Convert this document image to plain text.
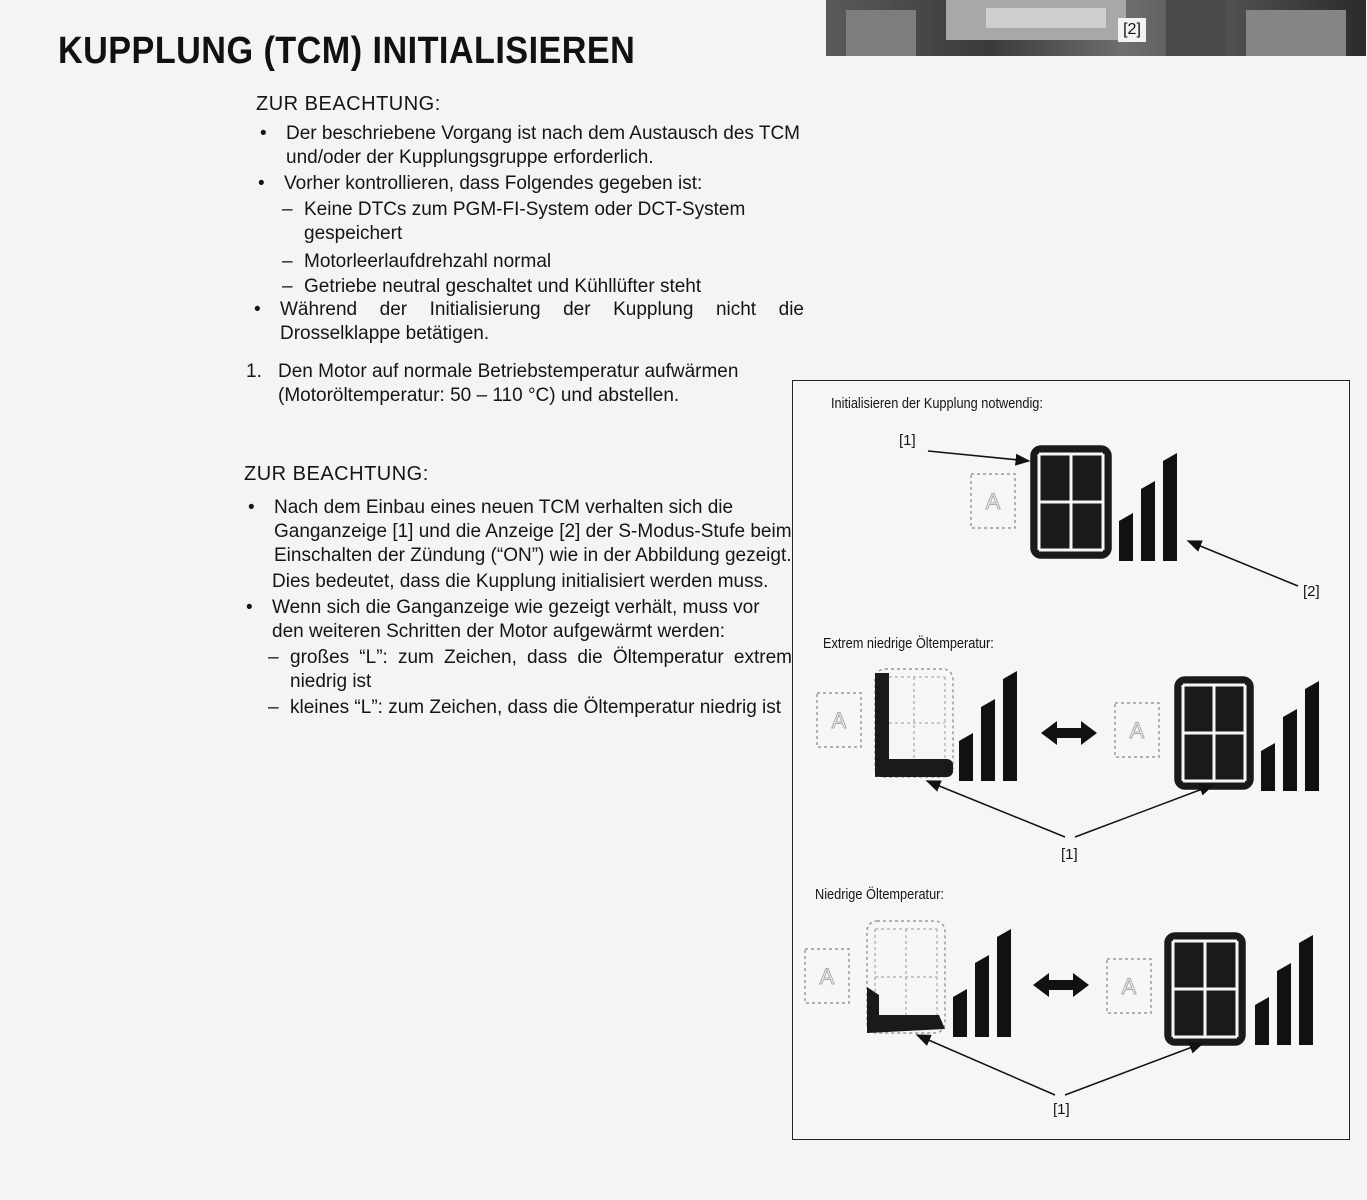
[2]
KUPPLUNG (TCM) INITIALISIEREN

ZUR BEACHTUNG:

• Der beschriebene Vorgang ist nach dem Austausch des TCM und/oder der Kupplungsgruppe erforderlich.

• Vorher kontrollieren, dass Folgendes gegeben ist:

– Keine DTCs zum PGM-FI-System oder DCT-System gespeichert

– Motorleerlaufdrehzahl normal

– Getriebe neutral geschaltet und Kühllüfter steht

• Während der Initialisierung der Kupplung nicht die Drosselklappe betätigen.

1. Den Motor auf normale Betriebstemperatur aufwärmen (Motoröltemperatur: 50 – 110 °C) und abstellen.

ZUR BEACHTUNG:

• Nach dem Einbau eines neuen TCM verhalten sich die Ganganzeige [1] und die Anzeige [2] der S-Modus-Stufe beim Einschalten der Zündung (“ON”) wie in der Abbildung gezeigt.

Dies bedeutet, dass die Kupplung initialisiert werden muss.

• Wenn sich die Ganganzeige wie gezeigt verhält, muss vor den weiteren Schritten der Motor aufgewärmt werden:

– großes “L”: zum Zeichen, dass die Öltemperatur extrem niedrig ist

– kleines “L”: zum Zeichen, dass die Öltemperatur niedrig ist

Initialisieren der Kupplung notwendig:
Extrem niedrige Öltemperatur:
Niedrige Öltemperatur:
[1]
[2]
[1]
[1]
A
A	A
A	A
